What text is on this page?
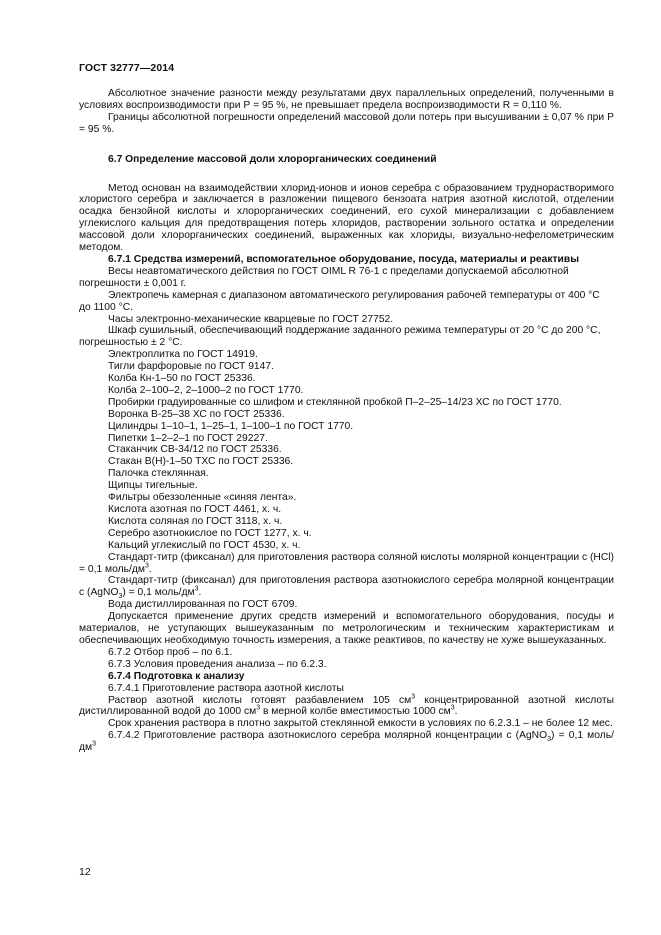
ГОСТ 32777—2014

Абсолютное значение разности между результатами двух параллельных определений, полученными в условиях воспроизводимости при Р = 95 %, не превышает предела воспроизводимости R = 0,110 %.

Границы абсолютной погрешности определений массовой доли потерь при высушивании ± 0,07 % при Р = 95 %.

6.7 Определение массовой доли хлорорганических соединений

Метод основан на взаимодействии хлорид-ионов и ионов серебра с образованием труднорастворимого хлористого серебра и заключается в разложении пищевого бензоата натрия азотной кислотой, отделении осадка бензойной кислоты и хлорорганических соединений, его сухой минерализации с добавлением углекислого кальция для предотвращения потерь хлоридов, растворении зольного остатка и определении массовой доли хлорорганических соединений, выраженных как хлориды, визуально-нефелометрическим методом.

6.7.1 Средства измерений, вспомогательное оборудование, посуда, материалы и реактивы

Весы неавтоматического действия по ГОСТ OIML R 76-1 с пределами допускаемой абсолютной погрешности ± 0,001 г.

Электропечь камерная с диапазоном автоматического регулирования рабочей температуры от 400 °С до 1100 °С.

Часы электронно-механические кварцевые по ГОСТ 27752.

Шкаф сушильный, обеспечивающий поддержание заданного режима температуры от 20 °С до 200 °С, погрешностью ± 2 °С.

Электроплитка по ГОСТ 14919.

Тигли фарфоровые по ГОСТ 9147.

Колба Кн-1–50 по ГОСТ 25336.

Колба 2–100–2, 2–1000–2 по ГОСТ 1770.

Пробирки градуированные со шлифом и стеклянной пробкой П–2–25–14/23 ХС по ГОСТ 1770.

Воронка В-25–38 ХС по ГОСТ 25336.

Цилиндры 1–10–1, 1–25–1, 1–100–1 по ГОСТ 1770.

Пипетки 1–2–2–1 по ГОСТ 29227.

Стаканчик СВ-34/12 по ГОСТ 25336.

Стакан В(Н)-1–50 ТХС по ГОСТ 25336.

Палочка стеклянная.

Щипцы тигельные.

Фильтры обеззоленные «синяя лента».

Кислота азотная по ГОСТ 4461, х. ч.

Кислота соляная по ГОСТ 3118, х. ч.

Серебро азотнокислое по ГОСТ 1277, х. ч.

Кальций углекислый по ГОСТ 4530, х. ч.

Стандарт-титр (фиксанал) для приготовления раствора соляной кислоты молярной концентрации c (HCl) = 0,1 моль/$дм^3$.

Стандарт-титр (фиксанал) для приготовления раствора азотнокислого серебра молярной концентрации c (AgNO$_3$) = 0,1 моль/$дм^3$.

Вода дистиллированная по ГОСТ 6709.

Допускается применение других средств измерений и вспомогательного оборудования, посуды и материалов, не уступающих вышеуказанным по метрологическим и техническим характеристикам и обеспечивающих необходимую точность измерения, а также реактивов, по качеству не хуже вышеуказанных.

6.7.2 Отбор проб – по 6.1.

6.7.3 Условия проведения анализа – по 6.2.3.

6.7.4 Подготовка к анализу

6.7.4.1 Приготовление раствора азотной кислоты

Раствор азотной кислоты готовят разбавлением 105 $см^3$ концентрированной азотной кислоты дистиллированной водой до 1000 $см^3$ в мерной колбе вместимостью 1000 $см^3$.

Срок хранения раствора в плотно закрытой стеклянной емкости в условиях по 6.2.3.1 – не более 12 мес.

6.7.4.2 Приготовление раствора азотнокислого серебра молярной концентрации c (AgNO$_3$) = 0,1 моль/$дм^3$

12
